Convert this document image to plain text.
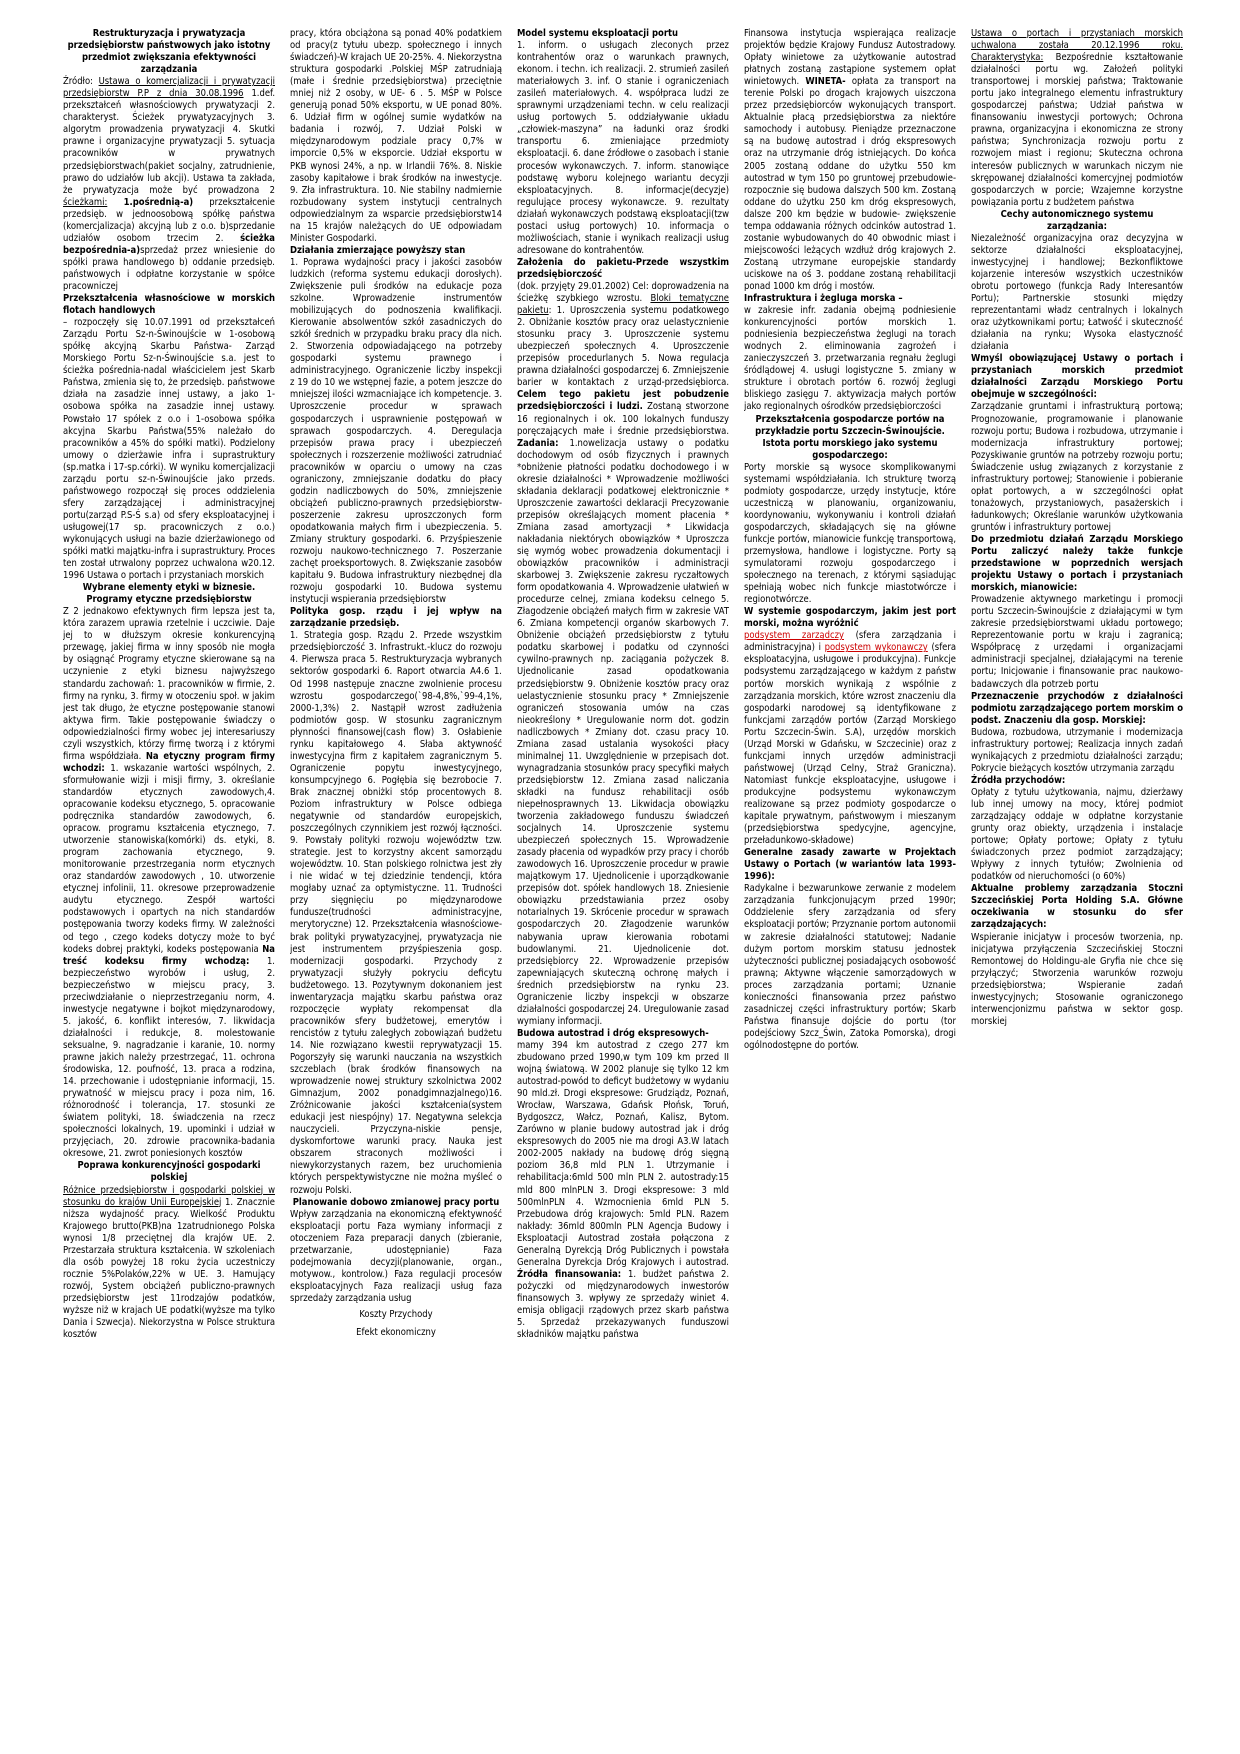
Restrukturyzacja i prywatyzacja przedsiębiorstw państwowych jako istotny przedmiot zwiększania efektywności zarządzania

Źródło:

Ustawa o komercjalizacji i prywatyzacji przedsiębiorstw P.P z dnia 30.08.1996

1.def. przekształceń własnościowych prywatyzacji 2. charakteryst. Ścieżek prywatyzacyjnych 3. algorytm prowadzenia prywatyzacji 4. Skutki prawne i organizacyjne prywatyzacji 5. sytuacja pracowników w prywatnych przedsiębiorstwach(pakiet socjalny, zatrudnienie, prawo do udziałów lub akcji). Ustawa ta zakłada, że prywatyzacja może być prowadzona 2

ścieżkami: 1.pośrednią-a)

przekształcenie przedsięb. w jednoosobową spółkę państwa (komercjalizacja) akcyjną lub z o.o. b)sprzedanie udziałów osobom trzecim 2.

ścieżka bezpośrednia-a)

sprzedaż przez wniesienie do spółki prawa handlowego b) oddanie przedsięb. państwowych i odpłatne korzystanie w spółce pracowniczej

Przekształcenia własnościowe w morskich flotach handlowych

– rozpoczęły się 10.07.1991 od przekształceń Zarządu Portu Sz-n-Świnoujście w 1-osobową spółkę akcyjną Skarbu Państwa- Zarząd Morskiego Portu Sz-n-Świnoujście s.a. jest to ścieżka pośrednia-nadal właścicielem jest Skarb Państwa, zmienia się to, że przedsięb. państwowe działa na zasadzie innej ustawy, a jako 1-osobowa spółka na zasadzie innej ustawy. Powstało 17 spółek z o.o i 1-osobowa spółka akcyjna Skarbu Państwa(55% należało do pracowników a 45% do spółki matki). Podzielony umowy o dzierżawie infra i suprastruktury (sp.matka i 17-sp.córki). W wyniku komercjalizacji zarządu portu sz-n-Świnoujście jako przeds. państwowego rozpoczął się proces oddzielenia sfery zarządzającej i administracyjnej portu(zarząd P.S-Ś s.a) od sfery eksploatacyjnej i usługowej(17 sp. pracowniczych z o.o.) wykonujących usługi na bazie dzierżawionego od spółki matki majątku-infra i suprastruktury. Proces ten został utrwalony poprzez uchwalona w20.12. 1996 Ustawa o portach i przystaniach morskich

Wybrane elementy etyki w biznesie. Programy etyczne przedsiębiorstw

Z 2 jednakowo efektywnych firm lepsza jest ta, która zarazem uprawia rzetelnie i uczciwie. Daje jej to w dłuższym okresie konkurencyjną przewagę, jakiej firma w inny sposób nie mogła by osiągnąć Programy etyczne skierowane są na uczynienie z etyki biznesu najwyższego standardu zachowań: 1. pracowników w firmie, 2. firmy na rynku, 3. firmy w otoczeniu społ. w jakim jest tak długo, że etyczne postępowanie stanowi aktywa firm. Takie postępowanie świadczy o odpowiedzialności firmy wobec jej interesariuszy czyli wszystkich, którzy firmę tworzą i z którymi firma współdziała.

Na etyczny program firmy wchodzi:

1. wskazanie wartości wspólnych, 2. sformułowanie wizji i misji firmy, 3. określanie standardów etycznych zawodowych,4. opracowanie kodeksu etycznego, 5. opracowanie podręcznika standardów zawodowych, 6. opracow. programu kształcenia etycznego, 7. utworzenie stanowiska(komórki) ds. etyki, 8. program zachowania etycznego, 9. monitorowanie przestrzegania norm etycznych oraz standardów zawodowych , 10. utworzenie etycznej infolinii, 11. okresowe przeprowadzenie audytu etycznego. Zespół wartości podstawowych i opartych na nich standardów postępowania tworzy kodeks firmy. W zależności od tego , czego kodeks dotyczy może to być kodeks dobrej praktyki, kodeks postępowania

Na treść kodeksu firmy wchodzą:

1. bezpieczeństwo wyrobów i usług, 2. bezpieczeństwo w miejscu pracy, 3. przeciwdziałanie o nieprzestrzeganiu norm, 4. inwestycje negatywne i bojkot międzynarodowy, 5. jakość, 6. konflikt interesów, 7. likwidacja działalności i redukcje, 8. molestowanie seksualne, 9. nagradzanie i karanie, 10. normy prawne jakich należy przestrzegać, 11. ochrona środowiska, 12. poufność, 13. praca a rodzina, 14. przechowanie i udostępnianie informacji, 15. prywatność w miejscu pracy i poza nim, 16. różnorodność i tolerancja, 17. stosunki ze światem polityki, 18. świadczenia na rzecz społeczności lokalnych, 19. upominki i udział w przyjęciach, 20. zdrowie pracownika-badania okresowe, 21. zwrot poniesionych kosztów

Poprawa konkurencyjności gospodarki polskiej
Różnice przedsiębiorstw i gospodarki polskiej w stosunku do krajów Unii Europejskiej

1. Znacznie niższa wydajność pracy. Wielkość Produktu Krajowego brutto(PKB)na 1zatrudnionego Polska wynosi 1/8 przeciętnej dla krajów UE. 2. Przestarzała struktura kształcenia. W szkoleniach dla osób powyżej 18 roku życia uczestniczy rocznie 5%Polaków,22% w UE. 3. Hamujący rozwój, System obciążeń publiczno-prawnych przedsiębiorstw jest 11rodzajów podatków, wyższe niż w krajach UE podatki(wyższe ma tylko Dania i Szwecja). Niekorzystna w Polsce struktura kosztów

pracy, która obciążona są ponad 40% podatkiem od pracy(z tytułu ubezp. społecznego i innych świadczeń)-W krajach UE 20-25%. 4. Niekorzystna struktura gospodarki .Polskiej MŚP zatrudniają (małe i średnie przedsiębiorstwa) przeciętnie mniej niż 2 osoby, w UE- 6 . 5. MŚP w Polsce generują ponad 50% eksportu, w UE ponad 80%. 6. Udział firm w ogólnej sumie wydatków na badania i rozwój, 7. Udział Polski w międzynarodowym podziale pracy 0,7% w imporcie 0,5% w eksporcie. Udział eksportu w PKB wynosi 24%, a np. w Irlandii 76%. 8. Niskie zasoby kapitałowe i brak środków na inwestycje. 9. Zła infrastruktura. 10. Nie stabilny nadmiernie rozbudowany system instytucji centralnych odpowiedzialnym za wsparcie przedsiębiorstw14 na 15 krajów należących do UE odpowiadam Minister Gospodarki.

Działania zmierzające powyższy stan

1. Poprawa wydajności pracy i jakości zasobów ludzkich (reforma systemu edukacji dorosłych). Zwiększenie puli środków na edukacje poza szkolne. Wprowadzenie instrumentów mobilizujących do podnoszenia kwalifikacji. Kierowanie absolwentów szkół zasadniczych do szkół średnich w przypadku braku pracy dla nich. 2. Stworzenia odpowiadającego na potrzeby gospodarki systemu prawnego i administracyjnego. Ograniczenie liczby inspekcji z 19 do 10 we wstępnej fazie, a potem jeszcze do mniejszej ilości wzmacniające ich kompetencje. 3. Uproszczenie procedur w sprawach gospodarczych i usprawnienie postępowań w sprawach gospodarczych. 4. Deregulacja przepisów prawa pracy i ubezpieczeń społecznych i rozszerzenie możliwości zatrudniać pracowników w oparciu o umowy na czas ograniczony, zmniejszanie dodatku do płacy godzin nadliczbowych do 50%, zmniejszenie obciążeń publiczno-prawnych przedsiębiorstw-poszerzenie zakresu uproszczonych form opodatkowania małych firm i ubezpieczenia. 5. Zmiany struktury gospodarki. 6. Przyśpieszenie rozwoju naukowo-technicznego 7. Poszerzanie zachęt proeksportowych. 8. Zwiększanie zasobów kapitału 9. Budowa infrastruktury niezbędnej dla rozwoju gospodarki 10. Budowa systemu instytucji wspierania przedsiębiorstw

Polityka gosp. rządu i jej wpływ na zarządzanie przedsięb.

1. Strategia gosp. Rządu 2. Przede wszystkim przedsiębiorczość 3. Infrastrukt.-klucz do rozwoju 4. Pierwsza praca 5. Restrukturyzacja wybranych sektorów gospodarki 6. Raport otwarcia A4.6 1. Od 1998 następuje znaczne zwolnienie procesu wzrostu gospodarczego(`98-4,8%,`99-4,1%, 2000-1,3%) 2. Nastąpił wzrost zadłużenia podmiotów gosp. W stosunku zagranicznym płynności finansowej(cash flow) 3. Osłabienie rynku kapitałowego 4. Słaba aktywność inwestycyjna firm z kapitałem zagranicznym 5. Ograniczenie popytu inwestycyjnego, konsumpcyjnego 6. Pogłębia się bezrobocie 7. Brak znacznej obniżki stóp procentowych 8. Poziom infrastruktury w Polsce odbiega negatywnie od standardów europejskich, poszczególnych czynnikiem jest rozwój łączności. 9. Powstały polityki rozwoju województw tzw. strategie. Jest to korzystny akcent samorządu województw. 10. Stan polskiego rolnictwa jest zły i nie widać w tej dziedzinie tendencji, która mogłaby uznać za optymistyczne. 11. Trudności przy sięgnięciu po międzynarodowe fundusze(trudności administracyjne, merytoryczne) 12. Przekształcenia własnościowe-brak polityki prywatyzacyjnej, prywatyzacja nie jest instrumentem przyśpieszenia gosp. modernizacji gospodarki. Przychody z prywatyzacji służyły pokryciu deficytu budżetowego. 13. Pozytywnym dokonaniem jest inwentaryzacja majątku skarbu państwa oraz rozpoczęcie wypłaty rekompensat dla pracowników sfery budżetowej, emerytów i rencistów z tytułu zaległych zobowiązań budżetu 14. Nie rozwiązano kwestii reprywatyzacji 15. Pogorszyły się warunki nauczania na wszystkich szczeblach (brak środków finansowych na wprowadzenie nowej struktury szkolnictwa 2002 Gimnazjum, 2002 ponadgimnazjalnego)16. Zróżnicowanie jakości kształcenia(system edukacji jest niespójny) 17. Negatywna selekcja nauczycieli. Przyczyna-niskie pensje, dyskomfortowe warunki pracy. Nauka jest obszarem straconych możliwości i niewykorzystanych razem, bez uruchomienia których perspektywistyczne nie można myśleć o rozwoju Polski.

Planowanie dobowo zmianowej pracy portu

Wpływ zarządzania na ekonomiczną efektywność eksploatacji portu Faza wymiany informacji z otoczeniem Faza preparacji danych (zbieranie, przetwarzanie, udostępnianie) Faza podejmowania decyzji(planowanie, organ., motywow., kontrolow.) Faza regulacji procesów eksploatacyjnych Faza realizacji usług faza sprzedaży zarządzania usług

Koszty Przychody
Efekt ekonomiczny
Model systemu eksploatacji portu

1. inform. o usługach zleconych przez kontrahentów oraz o warunkach prawnych, ekonom. i techn. ich realizacji. 2. strumień zasileń materiałowych 3. inf. O stanie i ograniczeniach zasileń materiałowych. 4. współpraca ludzi ze sprawnymi urządzeniami techn. w celu realizacji usług portowych 5. oddziaływanie układu „człowiek-maszyna” na ładunki oraz środki transportu 6. zmieniające przedmioty eksploatacji. 6. dane źródłowe o zasobach i stanie procesów wykonawczych. 7. inform. stanowiące podstawę wyboru kolejnego wariantu decyzji eksploatacyjnych. 8. informacje(decyzje) regulujące procesy wykonawcze. 9. rezultaty działań wykonawczych podstawą eksploatacji(tzw postaci usług portowych) 10. informacja o możliwościach, stanie i wynikach realizacji usług adresowane do kontrahentów.

Założenia do pakietu-Przede wszystkim przedsiębiorczość

(dok. przyjęty 29.01.2002) Cel: doprowadzenia na ścieżkę szybkiego wzrostu.

Bloki tematyczne pakietu

: 1. Uproszczenia systemu podatkowego 2. Obniżanie kosztów pracy oraz uelastycznienie stosunku pracy 3. Uproszczenie systemu ubezpieczeń społecznych 4. Uproszczenie przepisów procedurlanych 5. Nowa regulacja prawna działalności gospodarczej 6. Zmniejszenie barier w kontaktach z urząd-przedsiębiorca.

Celem tego pakietu jest pobudzenie przedsiębiorczości i ludzi.

Zostaną stworzone 16 regionalnych i ok. 100 lokalnych funduszy poręczających małe i średnie przedsiębiorstwa.

Zadania:

1.nowelizacja ustawy o podatku dochodowym od osób fizycznych i prawnych *obniżenie płatności podatku dochodowego i w okresie działalności * Wprowadzenie możliwości składania deklaracji podatkowej elektronicznie * Uproszczenie zawartości deklaracji Precyzowanie przepisów określających moment płacenia * Zmiana zasad amortyzacji * Likwidacja nakładania niektórych obowiązków * Uproszcza się wymóg wobec prowadzenia dokumentacji i obowiązków pracowników i administracji skarbowej 3. Zwiększenie zakresu ryczałtowych form opodatkowania 4. Wprowadzenie ułatwień w procedurze celnej, zmiana kodeksu celnego 5. Złagodzenie obciążeń małych firm w zakresie VAT 6. Zmiana kompetencji organów skarbowych 7. Obniżenie obciążeń przedsiębiorstw z tytułu podatku skarbowej i podatku od czynności cywilno-prawnych np. zaciągania pożyczek 8. Ujednolicanie zasad opodatkowania przedsiębiorstw 9. Obniżenie kosztów pracy oraz uelastycznienie stosunku pracy * Zmniejszenie ograniczeń stosowania umów na czas nieokreślony * Uregulowanie norm dot. godzin nadliczbowych * Zmiany dot. czasu pracy 10. Zmiana zasad ustalania wysokości płacy minimalnej 11. Uwzględnienie w przepisach dot. wynagradzania stosunków pracy specyfiki małych przedsiębiorstw 12. Zmiana zasad naliczania składki na fundusz rehabilitacji osób niepełnosprawnych 13. Likwidacja obowiązku tworzenia zakładowego funduszu świadczeń socjalnych 14. Uproszczenie systemu ubezpieczeń społecznych 15. Wprowadzenie zasady płacenia od wypadków przy pracy i chorób zawodowych 16. Uproszczenie procedur w prawie majątkowym 17. Ujednolicenie i uporządkowanie przepisów dot. spółek handlowych 18. Zniesienie obowiązku przedstawiania przez osoby notarialnych 19. Skrócenie procedur w sprawach gospodarczych 20. Złagodzenie warunków nabywania upraw kierowania robotami budowlanymi. 21. Ujednolicenie dot. przedsiębiorcy 22. Wprowadzenie przepisów zapewniających skuteczną ochronę małych i średnich przedsiębiorstw na rynku 23. Ograniczenie liczby inspekcji w obszarze działalności gospodarczej 24. Uregulowanie zasad wymiany informacji.

Budowa autostrad i dróg ekspresowych-

mamy 394 km autostrad z czego 277 km zbudowano przed 1990,w tym 109 km przed II wojną światową. W 2002 planuje się tylko 12 km autostrad-powód to deficyt budżetowy w wydaniu 90 mld.zł. Drogi ekspresowe: Grudziądz, Poznań, Wrocław, Warszawa, Gdańsk Płońsk, Toruń, Bydgoszcz, Wałcz, Poznań, Kalisz, Bytom. Zarówno w planie budowy autostrad jak i dróg ekspresowych do 2005 nie ma drogi A3.W latach 2002-2005 nakłady na budowę dróg sięgną poziom 36,8 mld PLN 1. Utrzymanie i rehabilitacja:6mld 500 mln PLN 2. autostrady:15 mld 800 mlnPLN 3. Drogi ekspresowe: 3 mld 500mlnPLN 4. Wzmocnienia 6mld PLN 5. Przebudowa dróg krajowych: 5mld PLN. Razem nakłady: 36mld 800mln PLN Agencja Budowy i Eksploatacji Autostrad została połączona z Generalną Dyrekcją Dróg Publicznych i powstała Generalna Dyrekcja Dróg Krajowych i autostrad.

Źródła finansowania:

1. budżet państwa 2. pożyczki od międzynarodowych inwestorów finansowych 3. wpływy ze sprzedaży winiet 4. emisja obligacji rządowych przez skarb państwa 5. Sprzedaż przekazywanych funduszowi składników majątku państwa

Finansowa instytucja wspierająca realizacje projektów będzie Krajowy Fundusz Autostradowy. Opłaty winietowe za użytkowanie autostrad płatnych zostaną zastąpione systemem opłat winietowych.

WINETA-

opłata za transport na terenie Polski po drogach krajowych uiszczona przez przedsiębiorców wykonujących transport. Aktualnie płacą przedsiębiorstwa za niektóre samochody i autobusy. Pieniądze przeznaczone są na budowę autostrad i dróg ekspresowych oraz na utrzymanie dróg istniejących. Do końca 2005 zostaną oddane do użytku 550 km autostrad w tym 150 po gruntowej przebudowie- rozpocznie się budowa dalszych 500 km. Zostaną oddane do użytku 250 km dróg ekspresowych, dalsze 200 km będzie w budowie- zwiększenie tempa oddawania różnych odcinków autostrad 1. zostanie wybudowanych do 40 obwodnic miast i miejscowości leżących wzdłuż dróg krajowych 2. Zostaną utrzymane europejskie standardy uciskowe na oś 3. poddane zostaną rehabilitacji ponad 1000 km dróg i mostów.

Infrastruktura i żegluga morska –

w zakresie infr. zadania obejmą podniesienie konkurencyjności portów morskich 1. podniesienia bezpieczeństwa żeglugi na torach wodnych 2. eliminowania zagrożeń i zanieczyszczeń 3. przetwarzania regnału żeglugi śródlądowej 4. usługi logistyczne 5. zmiany w strukture i obrotach portów 6. rozwój żeglugi bliskiego zasięgu 7. aktywizacja małych portów jako regionalnych ośrodków przedsiębiorczości

Przekształcenia gospodarcze portów na przykładzie portu Szczecin-Świnoujście. Istota portu morskiego jako systemu gospodarczego:

Porty morskie są wysoce skomplikowanymi systemami współdziałania. Ich strukturę tworzą podmioty gospodarcze, urzędy instytucje, które uczestniczą w planowaniu, organizowaniu, koordynowaniu, wykonywaniu i kontroli działań gospodarczych, składających się na główne funkcje portów, mianowicie funkcję transportową, przemysłowa, handlowe i logistyczne. Porty są symulatorami rozwoju gospodarczego i społecznego na terenach, z którymi sąsiadując spełniają wobec nich funkcje miastotwórcze i regionotwórcze.

W systemie gospodarczym, jakim jest port morski, można wyróżnić
podsystem zarządczy

(sfera zarządzania i administracyjna) i

podsystem wykonawczy

(sfera eksploatacyjna, usługowe i produkcyjna). Funkcje podsystemu zarządzającego w każdym z państw portów morskich wynikają z wspólnie z zarządzania morskich, które wzrost znaczeniu dla gospodarki narodowej są identyfikowane z funkcjami zarządów portów (Zarząd Morskiego Portu Szczecin-Świn. S.A), urzędów morskich (Urząd Morski w Gdańsku, w Szczecinie) oraz z funkcjami innych urzędów administracji państwowej (Urząd Celny, Straż Graniczna). Natomiast funkcje eksploatacyjne, usługowe i produkcyjne podsystemu wykonawczym realizowane są przez podmioty gospodarcze o kapitale prywatnym, państwowym i mieszanym (przedsiębiorstwa spedycyjne, agencyjne, przeładunkowo-składowe)

Generalne zasady zawarte w Projektach Ustawy o Portach (w wariantów lata 1993-1996):

Radykalne i bezwarunkowe zerwanie z modelem zarządzania funkcjonującym przed 1990r; Oddzielenie sfery zarządzania od sfery eksploatacji portów; Przyznanie portom autonomii w zakresie działalności statutowej; Nadanie dużym portom morskim statusu jednostek użyteczności publicznej posiadających osobowość prawną; Aktywne włączenie samorządowych w proces zarządzania portami; Uznanie konieczności finansowania przez państwo zasadniczej części infrastruktury portów; Skarb Państwa finansuje dojście do portu (tor podejściowy Szcz_Świn, Zatoka Pomorska), drogi ogólnodostępne do portów.

Ustawa o portach i przystaniach morskich uchwalona została 20.12.1996 roku. Charakterystyka:

Bezpośrednie kształtowanie działalności portu wg. Założeń polityki transportowej i morskiej państwa; Traktowanie portu jako integralnego elementu infrastruktury gospodarczej państwa; Udział państwa w finansowaniu inwestycji portowych; Ochrona prawna, organizacyjna i ekonomiczna ze strony państwa; Synchronizacja rozwoju portu z rozwojem miast i regionu; Skuteczna ochrona interesów publicznych w warunkach niczym nie skrępowanej działalności komercyjnej podmiotów gospodarczych w porcie; Wzajemne korzystne powiązania portu z budżetem państwa

Cechy autonomicznego systemu zarządzania:

Niezależność organizacyjna oraz decyzyjna w sektorze działalności eksploatacyjnej, inwestycyjnej i handlowej; Bezkonfliktowe kojarzenie interesów wszystkich uczestników obrotu portowego (funkcja Rady Interesantów Portu); Partnerskie stosunki między reprezentantami władz centralnych i lokalnych oraz użytkownikami portu; Łatwość i skuteczność działania na rynku; Wysoka elastyczność działania

Wmyśl obowiązującej Ustawy o portach i przystaniach morskich przedmiot działalności Zarządu Morskiego Portu obejmuje w szczególności:

Zarządzanie gruntami i infrastrukturą portową; Prognozowanie, programowanie i planowanie rozwoju portu; Budowa i rozbudowa, utrzymanie i modernizacja infrastruktury portowej; Pozyskiwanie gruntów na potrzeby rozwoju portu; Świadczenie usług związanych z korzystanie z infrastruktury portowej; Stanowienie i pobieranie opłat portowych, a w szczególności opłat tonażowych, przystaniowych, pasażerskich i ładunkowych; Określanie warunków użytkowania gruntów i infrastruktury portowej

Do przedmiotu działań Zarządu Morskiego Portu zaliczyć należy także funkcje przedstawione w poprzednich wersjach projektu Ustawy o portach i przystaniach morskich, mianowicie:

Prowadzenie aktywnego marketingu i promocji portu Szczecin-Świnoujście z działającymi w tym zakresie przedsiębiorstwami układu portowego; Reprezentowanie portu w kraju i zagranicą; Współpracę z urzędami i organizacjami administracji specjalnej, działającymi na terenie portu; Inicjowanie i finansowanie prac naukowo-badawczych dla potrzeb portu

Przeznaczenie przychodów z działalności podmiotu zarządzającego portem morskim o podst. Znaczeniu dla gosp. Morskiej:

Budowa, rozbudowa, utrzymanie i modernizacja infrastruktury portowej; Realizacja innych zadań wynikających z przedmiotu działalności zarządu; Pokrycie bieżących kosztów utrzymania zarządu

Źródła przychodów:

Opłaty z tytułu użytkowania, najmu, dzierżawy lub innej umowy na mocy, której podmiot zarządzający oddaje w odpłatne korzystanie grunty oraz obiekty, urządzenia i instalacje portowe; Opłaty portowe; Opłaty z tytułu świadczonych przez podmiot zarządzający; Wpływy z innych tytułów; Zwolnienia od podatków od nieruchomości (o 60%)

Aktualne problemy zarządzania Stoczni Szczecińskiej Porta Holding S.A. Główne oczekiwania w stosunku do sfer zarządzających:

Wspieranie inicjatyw i procesów tworzenia, np. inicjatywa przyłączenia Szczecińskiej Stoczni Remontowej do Holdingu-ale Gryfia nie chce się przyłączyć; Stworzenia warunków rozwoju przedsiębiorstwa; Wspieranie zadań inwestycyjnych; Stosowanie ograniczonego interwencjonizmu państwa w sektor gosp. morskiej
